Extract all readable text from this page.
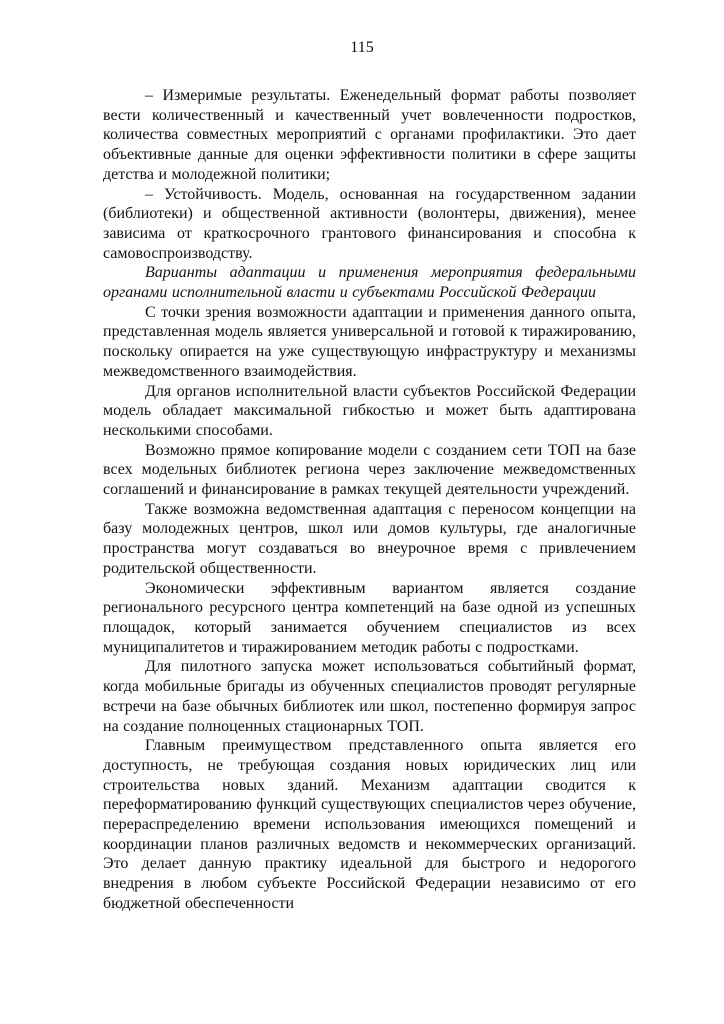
115

– Измеримые результаты. Еженедельный формат работы позволяет вести количественный и качественный учет вовлеченности подростков, количества совместных мероприятий с органами профилактики. Это дает объективные данные для оценки эффективности политики в сфере защиты детства и молодежной политики;

– Устойчивость. Модель, основанная на государственном задании (библиотеки) и общественной активности (волонтеры, движения), менее зависима от краткосрочного грантового финансирования и способна к самовоспроизводству.

Варианты адаптации и применения мероприятия федеральными органами исполнительной власти и субъектами Российской Федерации

С точки зрения возможности адаптации и применения данного опыта, представленная модель является универсальной и готовой к тиражированию, поскольку опирается на уже существующую инфраструктуру и механизмы межведомственного взаимодействия.

Для органов исполнительной власти субъектов Российской Федерации модель обладает максимальной гибкостью и может быть адаптирована несколькими способами.

Возможно прямое копирование модели с созданием сети ТОП на базе всех модельных библиотек региона через заключение межведомственных соглашений и финансирование в рамках текущей деятельности учреждений.

Также возможна ведомственная адаптация с переносом концепции на базу молодежных центров, школ или домов культуры, где аналогичные пространства могут создаваться во внеурочное время с привлечением родительской общественности.

Экономически эффективным вариантом является создание регионального ресурсного центра компетенций на базе одной из успешных площадок, который занимается обучением специалистов из всех муниципалитетов и тиражированием методик работы с подростками.

Для пилотного запуска может использоваться событийный формат, когда мобильные бригады из обученных специалистов проводят регулярные встречи на базе обычных библиотек или школ, постепенно формируя запрос на создание полноценных стационарных ТОП.

Главным преимуществом представленного опыта является его доступность, не требующая создания новых юридических лиц или строительства новых зданий. Механизм адаптации сводится к переформатированию функций существующих специалистов через обучение, перераспределению времени использования имеющихся помещений и координации планов различных ведомств и некоммерческих организаций. Это делает данную практику идеальной для быстрого и недорогого внедрения в любом субъекте Российской Федерации независимо от его бюджетной обеспеченности
